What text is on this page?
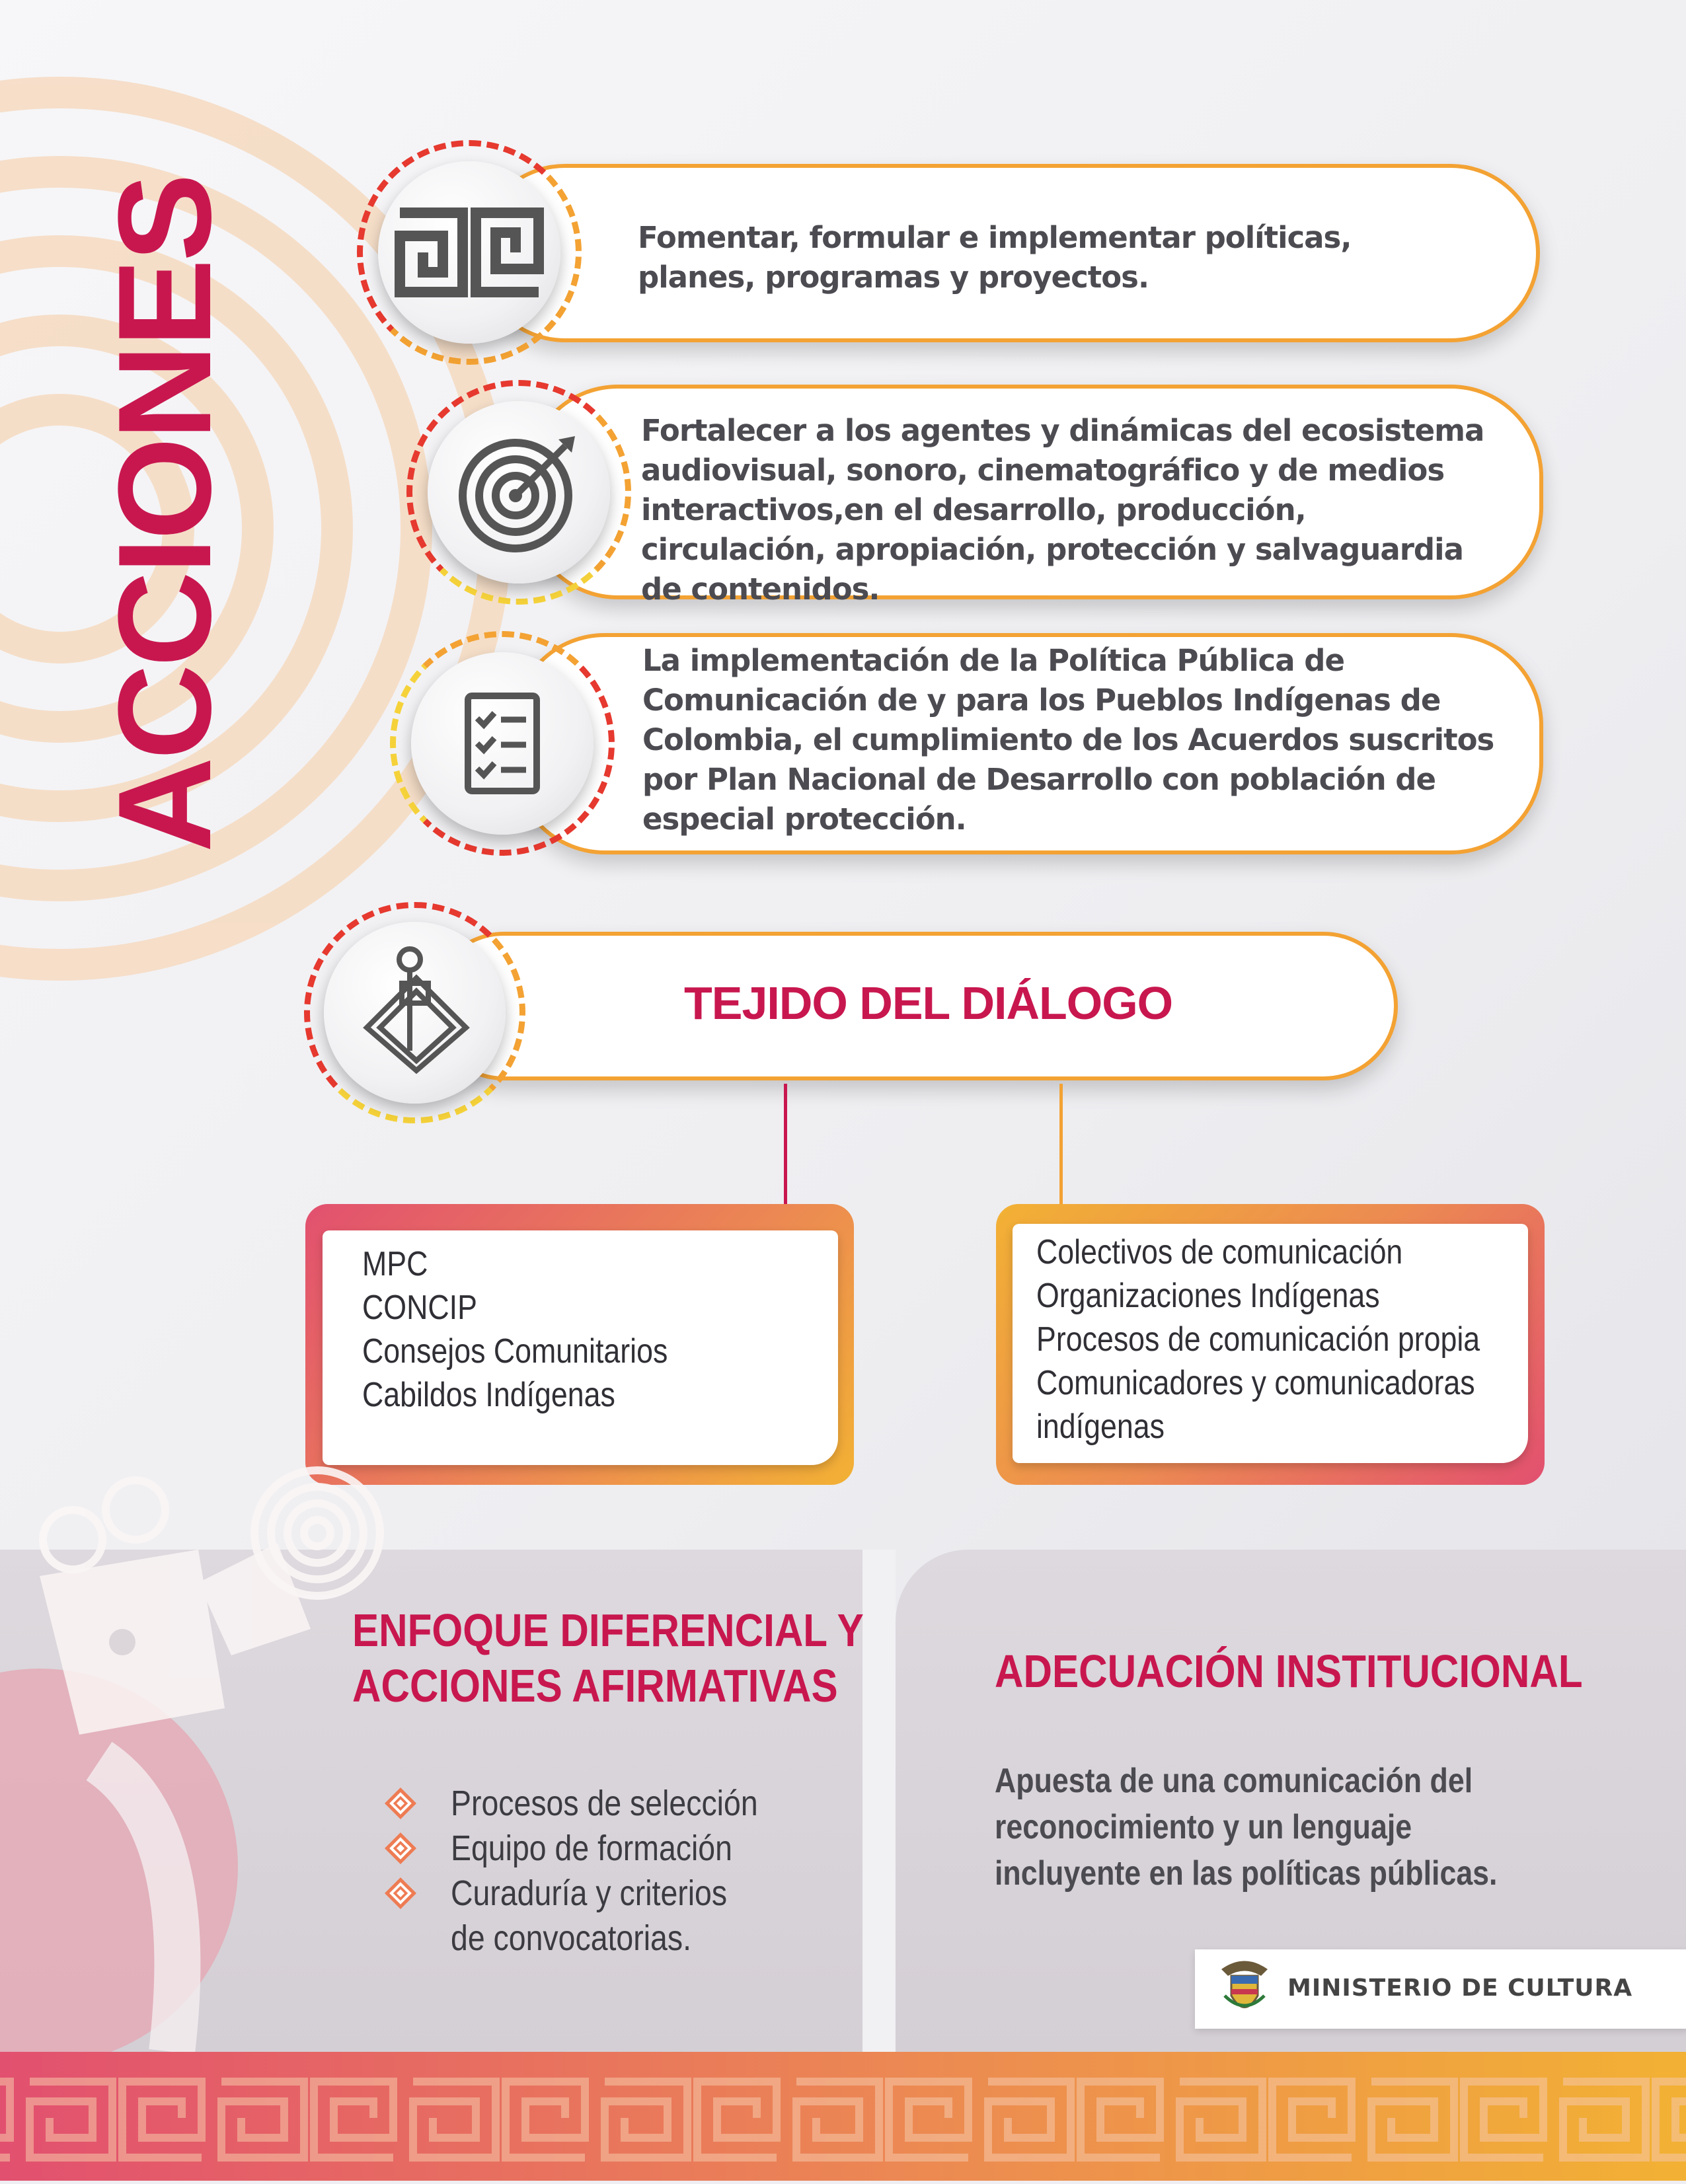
ACCIONES	Fomentar, formular e implementar políticas, planes, programas y proyectos.
Fortalecer a los agentes y dinámicas del ecosistema audiovisual, sonoro, cinematográfico y de medios interactivos,en el desarrollo, producción, circulación, apropiación, protección y salvaguardia de contenidos.
La implementación de la Política Pública de Comunicación de y para los Pueblos Indígenas de Colombia, el cumplimiento de los Acuerdos suscritos por Plan Nacional de Desarrollo con población de especial protección.
TEJIDO DEL DIÁLOGO
MPC
CONCIP
Consejos Comunitarios
Cabildos Indígenas
Colectivos de comunicación
Organizaciones Indígenas
Procesos de comunicación propia
Comunicadores y comunicadoras
indígenas
ENFOQUE DIFERENCIAL Y
ACCIONES AFIRMATIVAS
Procesos de selección
Equipo de formación
Curaduría y criterios
de convocatorias.
ADECUACIÓN INSTITUCIONAL
Apuesta de una comunicación del
reconocimiento y un lenguaje
incluyente en las políticas públicas.
MINISTERIO DE CULTURA
